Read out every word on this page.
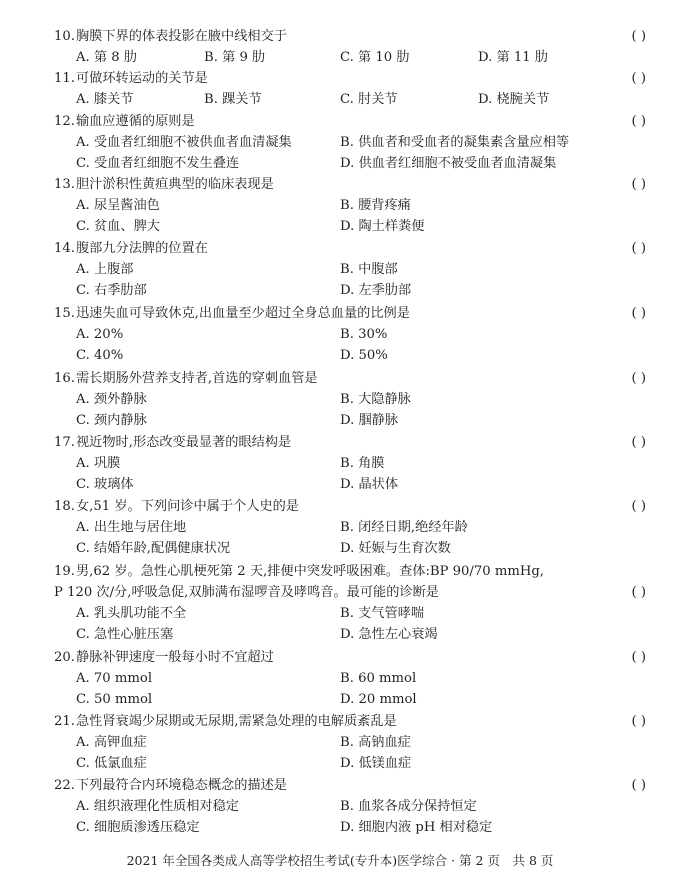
10.胸膜下界的体表投影在腋中线相交于	( )
A. 第 8 肋	B. 第 9 肋	C. 第 10 肋	D. 第 11 肋
11.可做环转运动的关节是	( )
A. 膝关节	B. 踝关节	C. 肘关节	D. 桡腕关节
12.输血应遵循的原则是	( )
A. 受血者红细胞不被供血者血清凝集	B. 供血者和受血者的凝集素含量应相等
C. 受血者红细胞不发生叠连	D. 供血者红细胞不被受血者血清凝集
13.胆汁淤积性黄疸典型的临床表现是	( )
A. 尿呈酱油色	B. 腰背疼痛
C. 贫血、脾大	D. 陶土样粪便
14.腹部九分法脾的位置在	( )
A. 上腹部	B. 中腹部
C. 右季肋部	D. 左季肋部
15.迅速失血可导致休克,出血量至少超过全身总血量的比例是	( )
A. 20%	B. 30%
C. 40%	D. 50%
16.需长期肠外营养支持者,首选的穿刺血管是	( )
A. 颈外静脉	B. 大隐静脉
C. 颈内静脉	D. 腘静脉
17.视近物时,形态改变最显著的眼结构是	( )
A. 巩膜	B. 角膜
C. 玻璃体	D. 晶状体
18.女,51 岁。下列问诊中属于个人史的是	( )
A. 出生地与居住地	B. 闭经日期,绝经年龄
C. 结婚年龄,配偶健康状况	D. 妊娠与生育次数
19.男,62 岁。急性心肌梗死第 2 天,排便中突发呼吸困难。查体:BP 90/70 mmHg,
P 120 次/分,呼吸急促,双肺满布湿啰音及哮鸣音。最可能的诊断是	( )
A. 乳头肌功能不全	B. 支气管哮喘
C. 急性心脏压塞	D. 急性左心衰竭
20.静脉补钾速度一般每小时不宜超过	( )
A. 70 mmol	B. 60 mmol
C. 50 mmol	D. 20 mmol
21.急性肾衰竭少尿期或无尿期,需紧急处理的电解质紊乱是	( )
A. 高钾血症	B. 高钠血症
C. 低氯血症	D. 低镁血症
22.下列最符合内环境稳态概念的描述是	( )
A. 组织液理化性质相对稳定	B. 血浆各成分保持恒定
C. 细胞质渗透压稳定	D. 细胞内液 pH 相对稳定
2021 年全国各类成人高等学校招生考试(专升本)医学综合 · 第 2 页　共 8 页
